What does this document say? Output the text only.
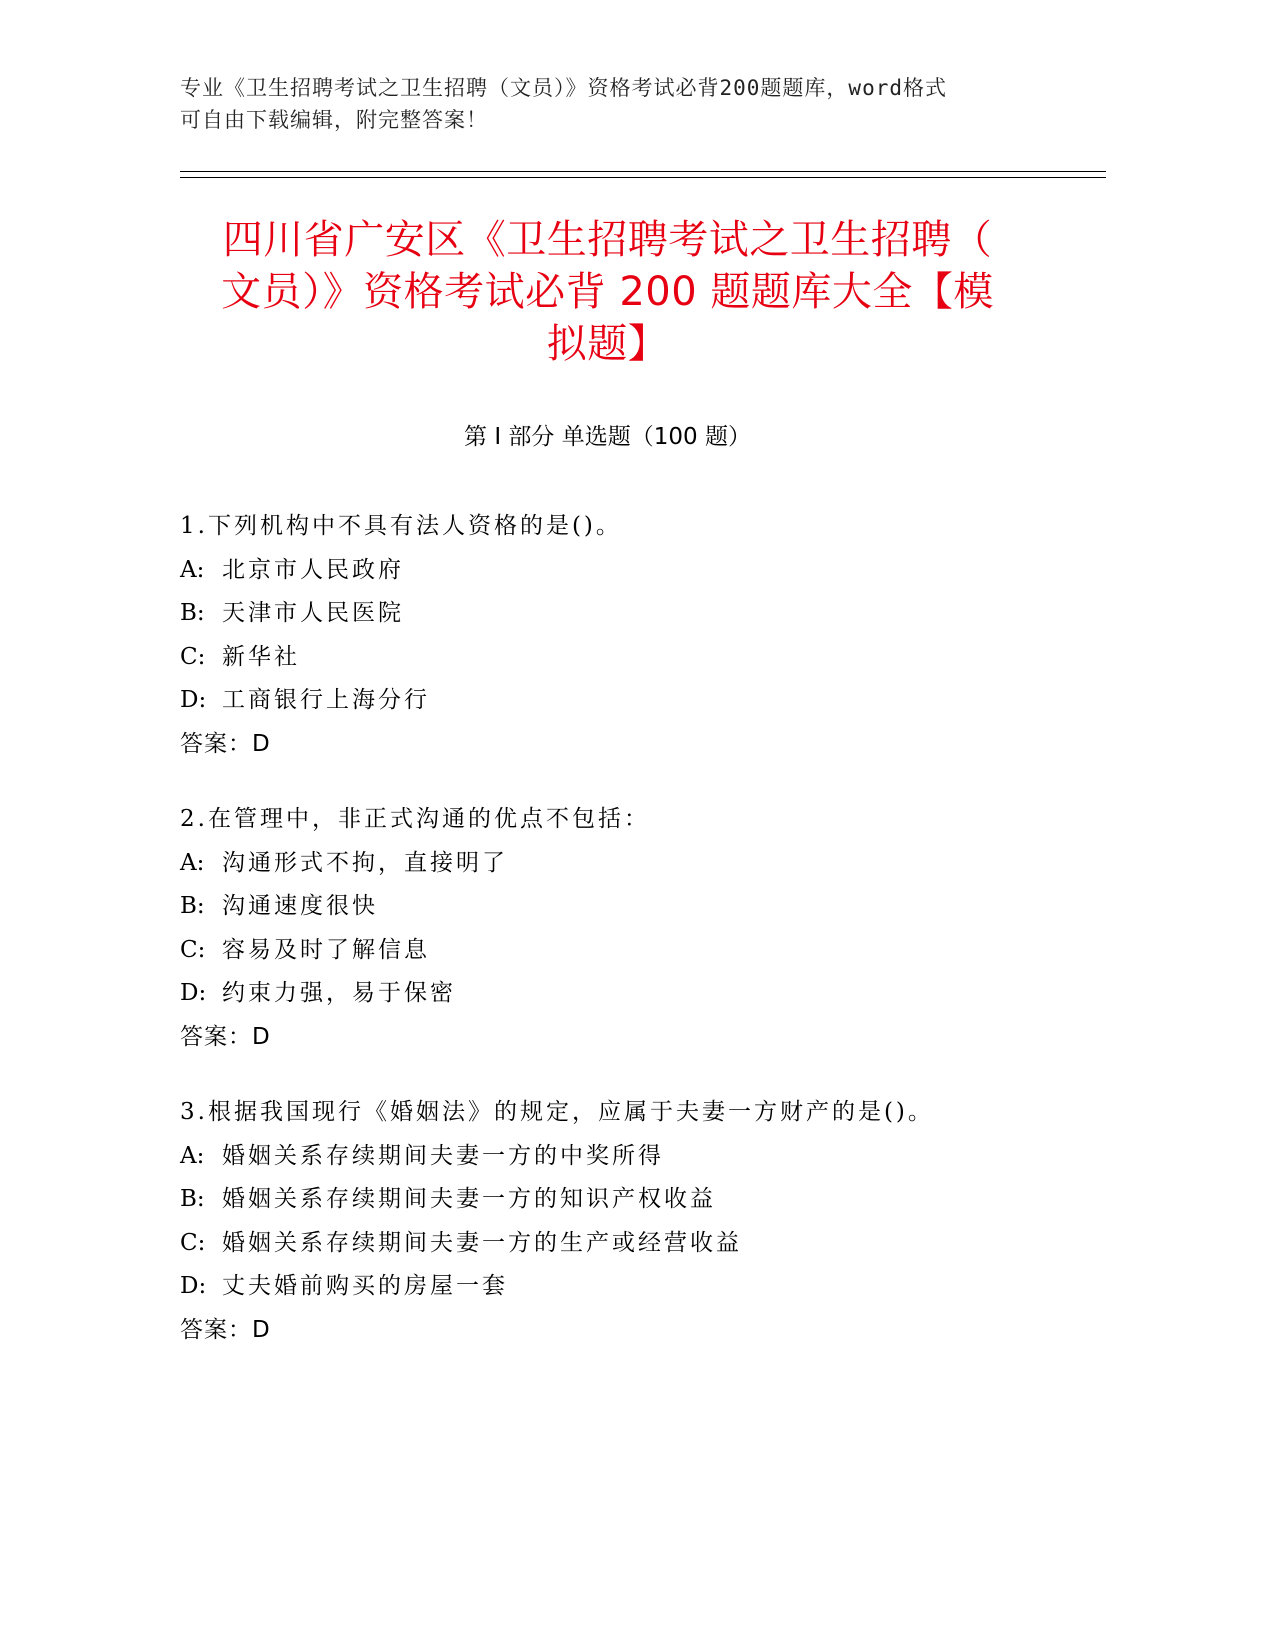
专业《卫生招聘考试之卫生招聘（文员）》资格考试必背200题题库，word格式
可自由下载编辑，附完整答案！
四川省广安区《卫生招聘考试之卫生招聘（
文员）》资格考试必背 200 题题库大全【模
拟题】
第 I 部分 单选题（100 题）
1.下列机构中不具有法人资格的是()。
A: 北京市人民政府
B: 天津市人民医院
C: 新华社
D: 工商银行上海分行
答案：D
2.在管理中，非正式沟通的优点不包括：
A: 沟通形式不拘，直接明了
B: 沟通速度很快
C: 容易及时了解信息
D: 约束力强，易于保密
答案：D
3.根据我国现行《婚姻法》的规定，应属于夫妻一方财产的是()。
A: 婚姻关系存续期间夫妻一方的中奖所得
B: 婚姻关系存续期间夫妻一方的知识产权收益
C: 婚姻关系存续期间夫妻一方的生产或经营收益
D: 丈夫婚前购买的房屋一套
答案：D
